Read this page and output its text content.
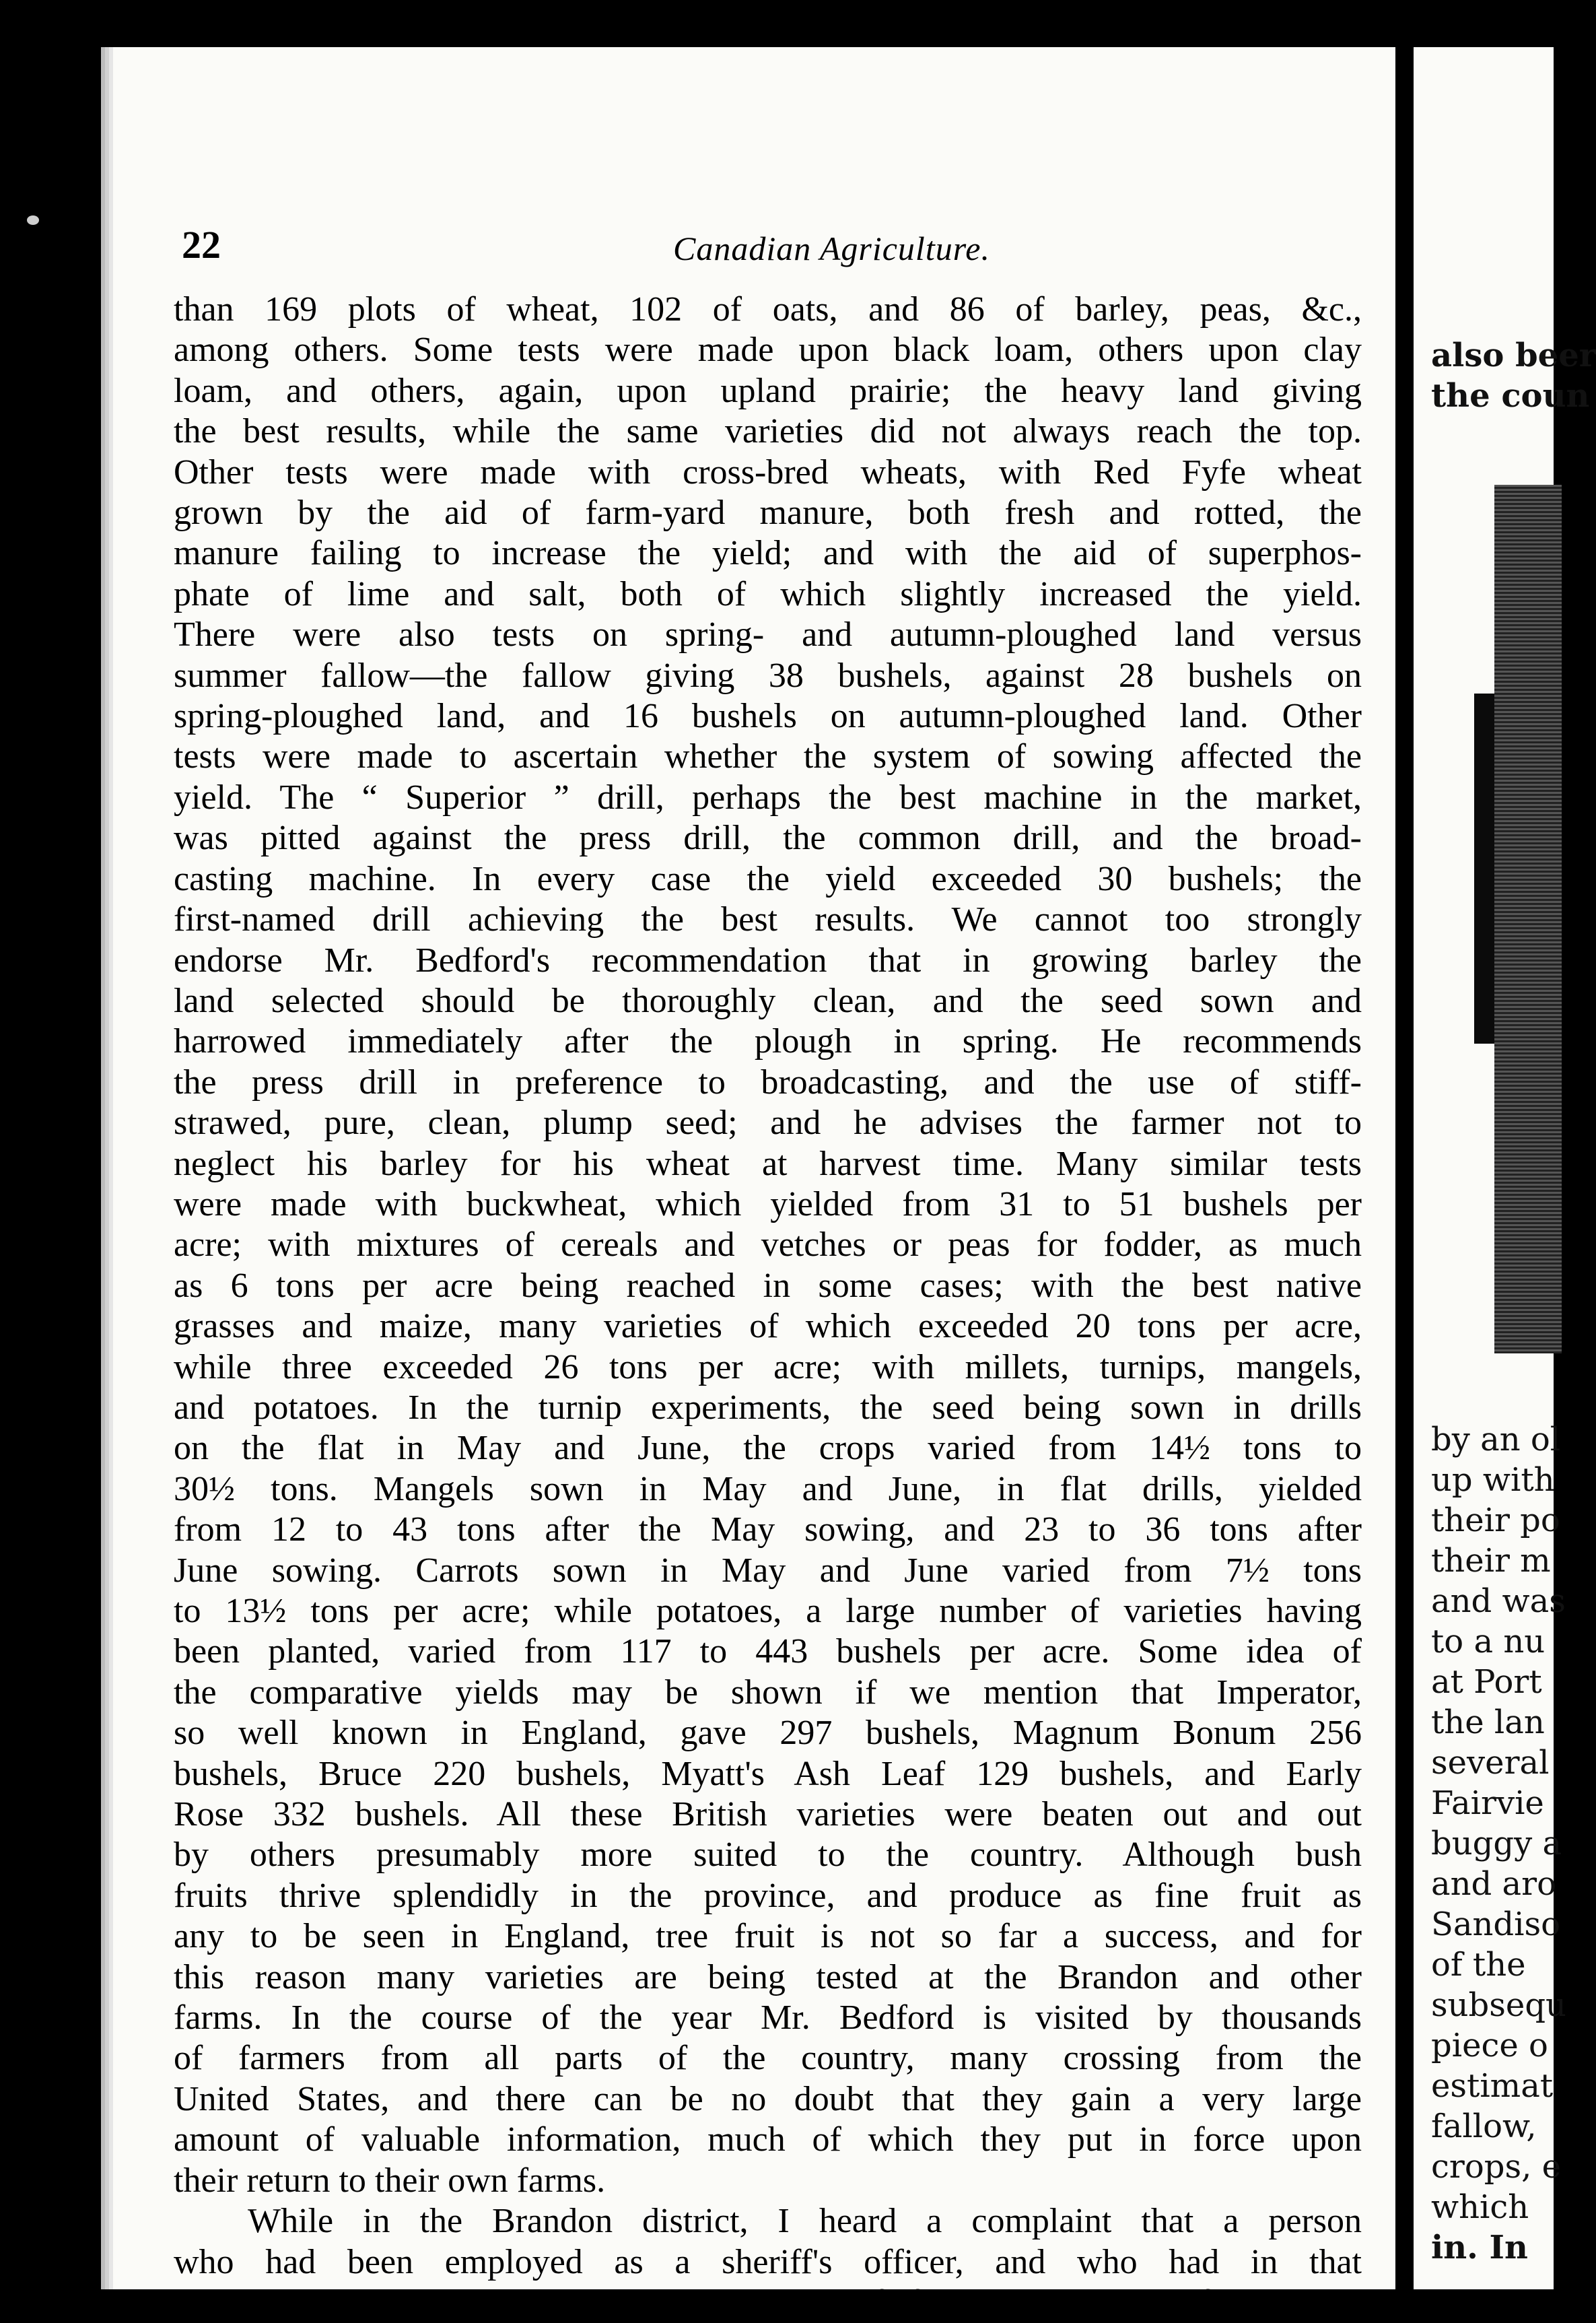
22	Canadian Agriculture.
than 169 plots of wheat, 102 of oats, and 86 of barley, peas, &c.,
among others. Some tests were made upon black loam, others upon clay
loam, and others, again, upon upland prairie; the heavy land giving
the best results, while the same varieties did not always reach the top.
Other tests were made with cross-bred wheats, with Red Fyfe wheat
grown by the aid of farm-yard manure, both fresh and rotted, the
manure failing to increase the yield; and with the aid of superphos-
phate of lime and salt, both of which slightly increased the yield.
There were also tests on spring- and autumn-ploughed land versus
summer fallow—the fallow giving 38 bushels, against 28 bushels on
spring-ploughed land, and 16 bushels on autumn-ploughed land. Other
tests were made to ascertain whether the system of sowing affected the
yield. The “ Superior ” drill, perhaps the best machine in the market,
was pitted against the press drill, the common drill, and the broad-
casting machine. In every case the yield exceeded 30 bushels; the
first-named drill achieving the best results. We cannot too strongly
endorse Mr. Bedford's recommendation that in growing barley the
land selected should be thoroughly clean, and the seed sown and
harrowed immediately after the plough in spring. He recommends
the press drill in preference to broadcasting, and the use of stiff-
strawed, pure, clean, plump seed; and he advises the farmer not to
neglect his barley for his wheat at harvest time. Many similar tests
were made with buckwheat, which yielded from 31 to 51 bushels per
acre; with mixtures of cereals and vetches or peas for fodder, as much
as 6 tons per acre being reached in some cases; with the best native
grasses and maize, many varieties of which exceeded 20 tons per acre,
while three exceeded 26 tons per acre; with millets, turnips, mangels,
and potatoes. In the turnip experiments, the seed being sown in drills
on the flat in May and June, the crops varied from 14½ tons to
30½ tons. Mangels sown in May and June, in flat drills, yielded
from 12 to 43 tons after the May sowing, and 23 to 36 tons after
June sowing. Carrots sown in May and June varied from 7½ tons
to 13½ tons per acre; while potatoes, a large number of varieties having
been planted, varied from 117 to 443 bushels per acre. Some idea of
the comparative yields may be shown if we mention that Imperator,
so well known in England, gave 297 bushels, Magnum Bonum 256
bushels, Bruce 220 bushels, Myatt's Ash Leaf 129 bushels, and Early
Rose 332 bushels. All these British varieties were beaten out and out
by others presumably more suited to the country. Although bush
fruits thrive splendidly in the province, and produce as fine fruit as
any to be seen in England, tree fruit is not so far a success, and for
this reason many varieties are being tested at the Brandon and other
farms. In the course of the year Mr. Bedford is visited by thousands
of farmers from all parts of the country, many crossing from the
United States, and there can be no doubt that they gain a very large
amount of valuable information, much of which they put in force upon
their return to their own farms.
While in the Brandon district, I heard a complaint that a person
who had been employed as a sheriff's officer, and who had in that
capacity seized the crops and implements of farmers who had failed, had
also beer
the coun
by an ol
up with
their po
their m
and was
to a nu
at Port
the lan
several
Fairvie
buggy a
and aro
Sandiso
of the
subsequ
piece o
estimat
fallow,
crops, e
which
in. In
